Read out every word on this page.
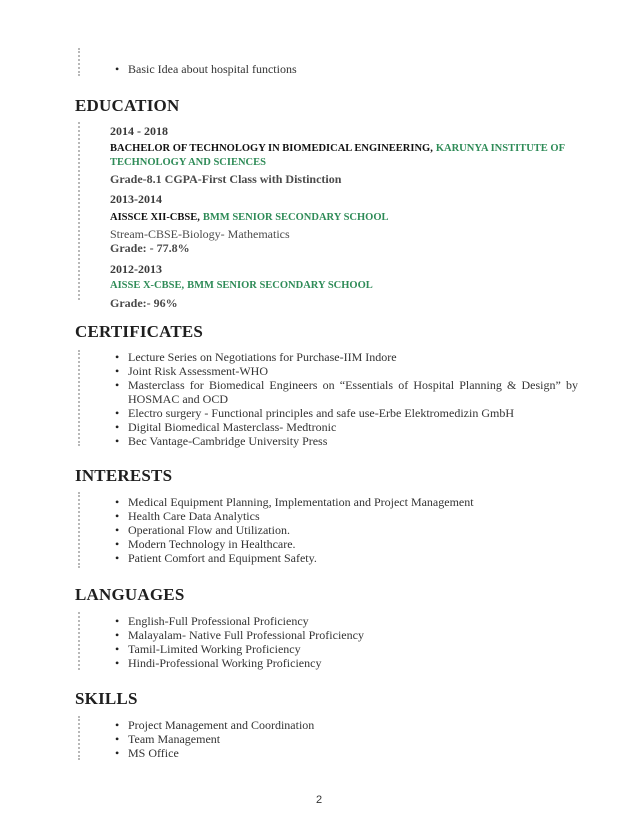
• Basic Idea about hospital functions
EDUCATION
2014 - 2018
BACHELOR OF TECHNOLOGY IN BIOMEDICAL ENGINEERING, KARUNYA INSTITUTE OF TECHNOLOGY AND SCIENCES
Grade-8.1 CGPA-First Class with Distinction
2013-2014
AISSCE XII-CBSE, BMM SENIOR SECONDARY SCHOOL
Stream-CBSE-Biology- Mathematics
Grade: - 77.8%
2012-2013
AISSE X-CBSE, BMM SENIOR SECONDARY SCHOOL
Grade:- 96%
CERTIFICATES
• Lecture Series on Negotiations for Purchase-IIM Indore
• Joint Risk Assessment-WHO
• Masterclass for Biomedical Engineers on “Essentials of Hospital Planning & Design” by HOSMAC and OCD
• Electro surgery - Functional principles and safe use-Erbe Elektromedizin GmbH
• Digital Biomedical Masterclass- Medtronic
• Bec Vantage-Cambridge University Press
INTERESTS
• Medical Equipment Planning, Implementation and Project Management
• Health Care Data Analytics
• Operational Flow and Utilization.
• Modern Technology in Healthcare.
• Patient Comfort and Equipment Safety.
LANGUAGES
• English-Full Professional Proficiency
• Malayalam- Native Full Professional Proficiency
• Tamil-Limited Working Proficiency
• Hindi-Professional Working Proficiency
SKILLS
• Project Management and Coordination
• Team Management
• MS Office
2
